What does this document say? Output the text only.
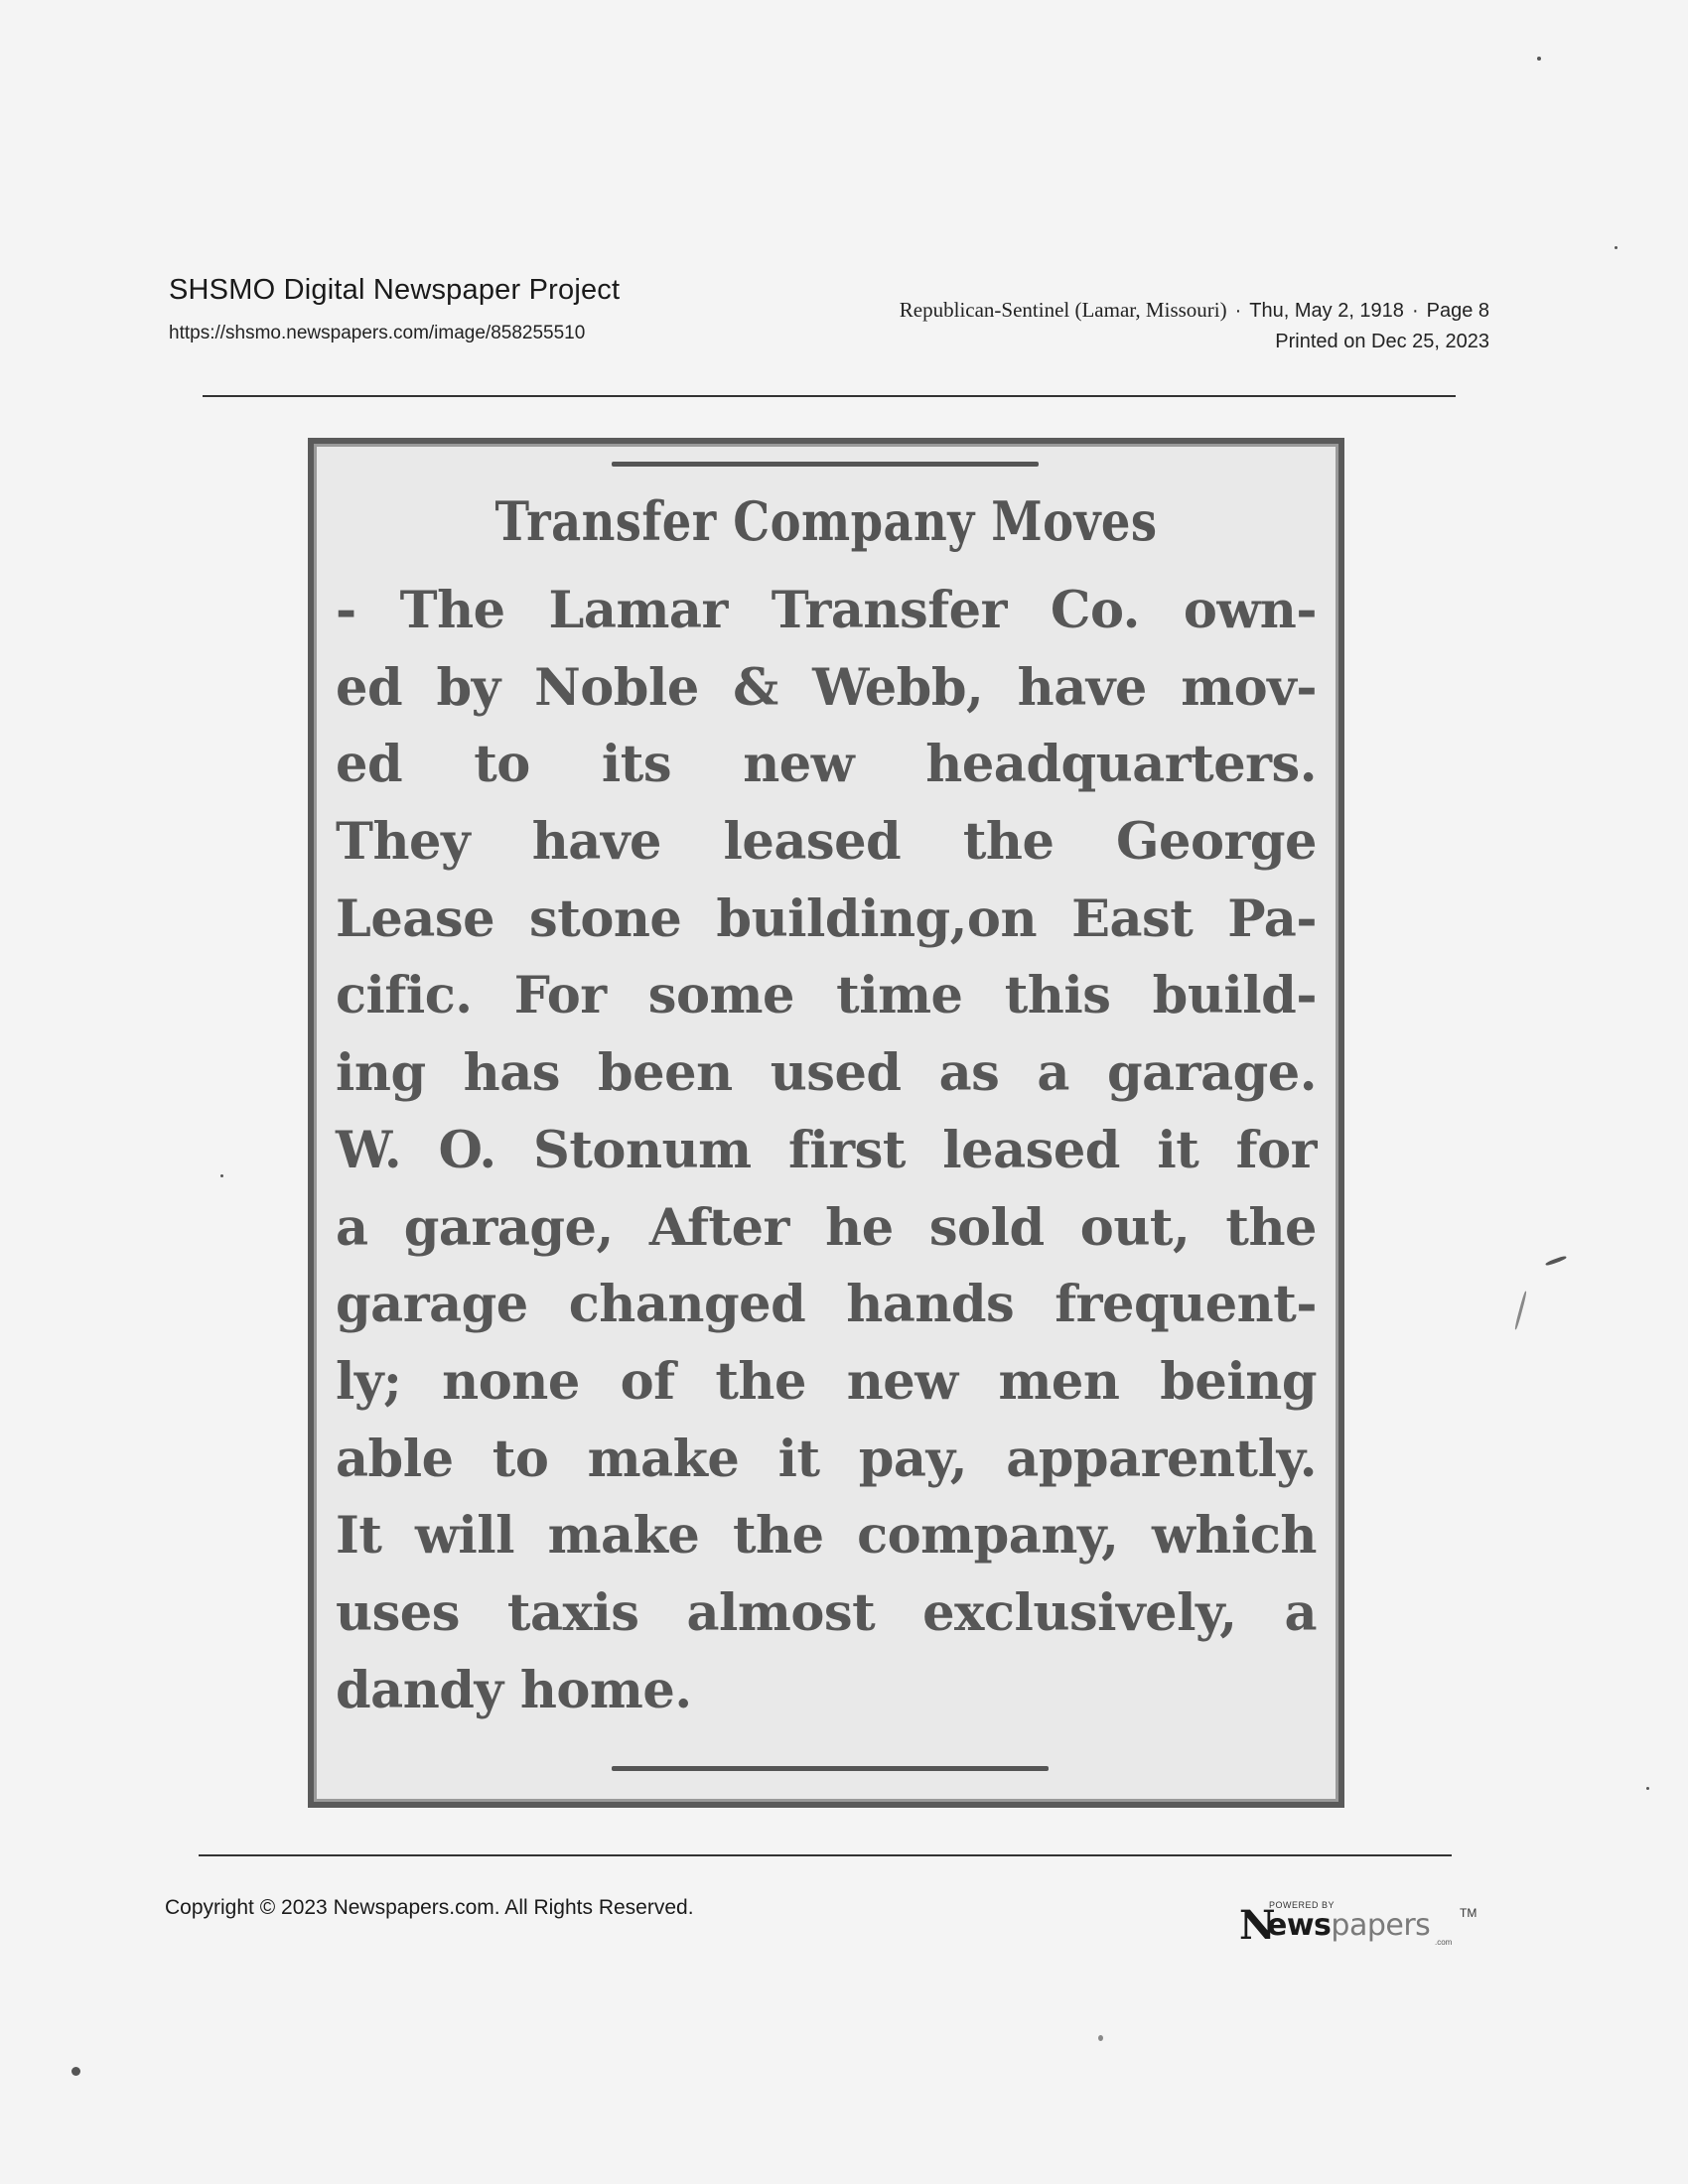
SHSMO Digital Newspaper Project
https://shsmo.newspapers.com/image/858255510
Republican-Sentinel (Lamar, Missouri) · Thu, May 2, 1918 · Page 8
Printed on Dec 25, 2023
Transfer Company Moves
- The Lamar Transfer Co. own-
ed by Noble & Webb, have mov-
ed to its new headquarters.
They have leased the George
Lease stone building,on East Pa-
cific. For some time this build-
ing has been used as a garage.
W. O. Stonum first leased it for
a garage, After he sold out, the
garage changed hands frequent-
ly; none of the new men being
able to make it pay, apparently.
It will make the company, which
uses taxis almost exclusively, a
dandy home.
Copyright © 2023 Newspapers.com. All Rights Reserved.	N
POWERED BY
ewspapers TM
.com
